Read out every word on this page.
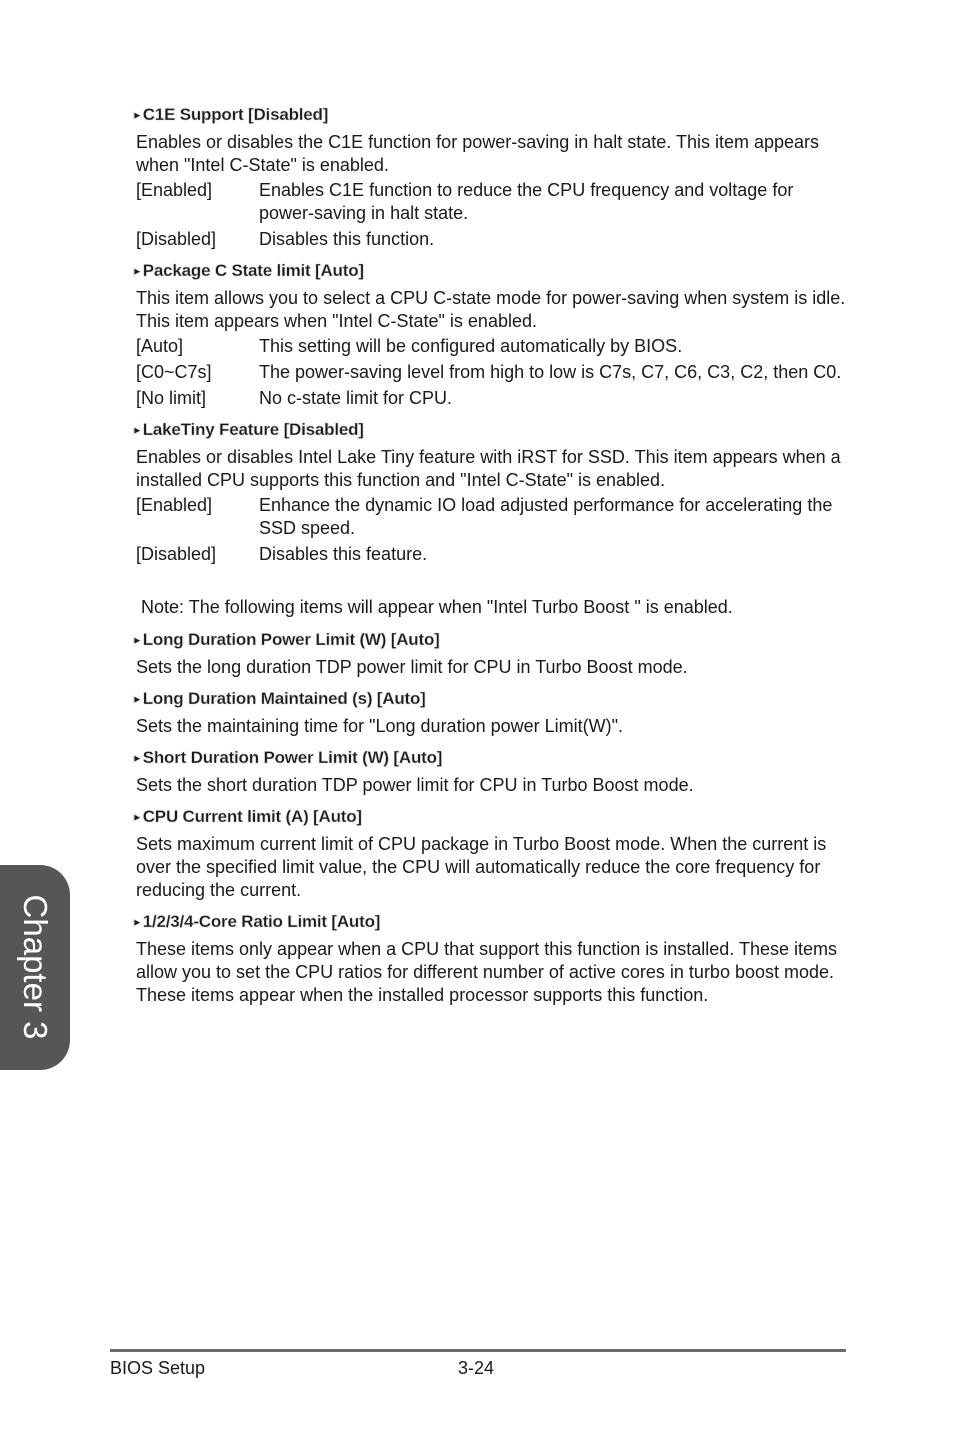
▶ C1E Support [Disabled]
Enables or disables the C1E function for power-saving in halt state. This item appears when "Intel C-State" is enabled.
[Enabled]	Enables C1E function to reduce the CPU frequency and voltage for power-saving in halt state.
[Disabled]	Disables this function.
▶ Package C State limit [Auto]
This item allows you to select a CPU C-state mode for power-saving when system is idle. This item appears when "Intel C-State" is enabled.
[Auto]	This setting will be configured automatically by BIOS.
[C0~C7s]	The power-saving level from high to low is C7s, C7, C6, C3, C2, then C0.
[No limit]	No c-state limit for CPU.
▶ LakeTiny Feature [Disabled]
Enables or disables Intel Lake Tiny feature with iRST for SSD. This item appears when a installed CPU supports this function and "Intel C-State" is enabled.
[Enabled]	Enhance the dynamic IO load adjusted performance for accelerating the SSD speed.
[Disabled]	Disables this feature.
Note: The following items will appear when "Intel Turbo Boost " is enabled.
▶ Long Duration Power Limit (W) [Auto]
Sets the long duration TDP power limit for CPU in Turbo Boost mode.
▶ Long Duration Maintained (s) [Auto]
Sets the maintaining time for "Long duration power Limit(W)".
▶ Short Duration Power Limit (W) [Auto]
Sets the short duration TDP power limit for CPU in Turbo Boost mode.
▶ CPU Current limit (A) [Auto]
Sets maximum current limit of CPU package in Turbo Boost mode. When the current is over the specified limit value, the CPU will automatically reduce the core frequency for reducing the current.
▶ 1/2/3/4-Core Ratio Limit [Auto]
These items only appear when a CPU that support this function is installed. These items allow you to set the CPU ratios for different number of active cores in turbo boost mode. These items appear when the installed processor supports this function.
Chapter 3
BIOS Setup	3-24
